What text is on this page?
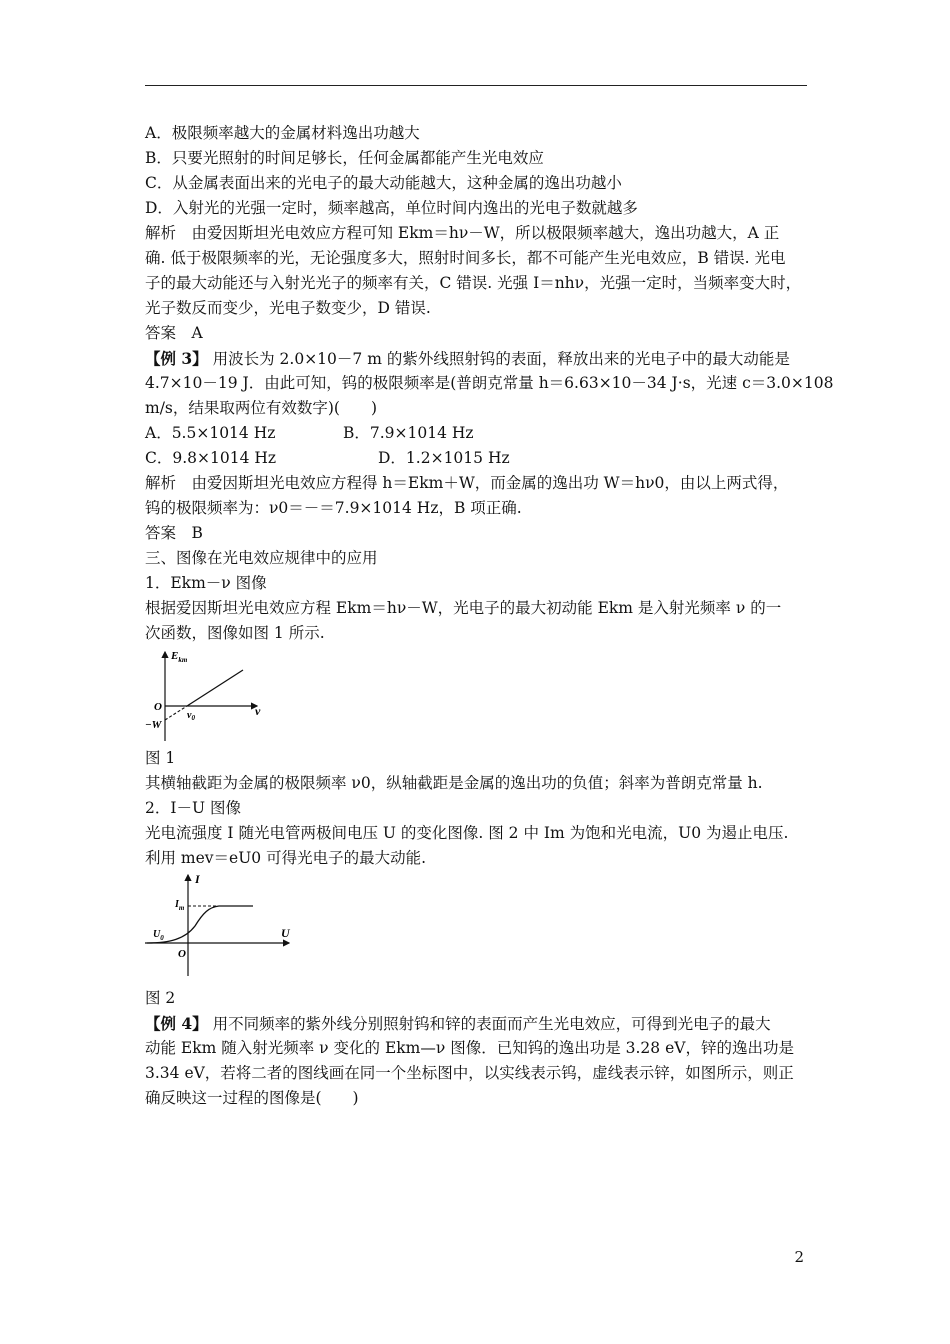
A．极限频率越大的金属材料逸出功越大
B．只要光照射的时间足够长，任何金属都能产生光电效应
C．从金属表面出来的光电子的最大动能越大，这种金属的逸出功越小
D．入射光的光强一定时，频率越高，单位时间内逸出的光电子数就越多
解析　由爱因斯坦光电效应方程可知 Ekm＝hν－W，所以极限频率越大，逸出功越大，A 正
确. 低于极限频率的光，无论强度多大，照射时间多长，都不可能产生光电效应，B 错误. 光电
子的最大动能还与入射光光子的频率有关，C 错误. 光强 I＝nhν，光强一定时，当频率变大时，
光子数反而变少，光电子数变少，D 错误.
答案　A
【例 3】 用波长为 2.0×10－7 m 的紫外线照射钨的表面，释放出来的光电子中的最大动能是
4.7×10－19 J．由此可知，钨的极限频率是(普朗克常量 h＝6.63×10－34 J·s，光速 c＝3.0×108
m/s，结果取两位有效数字)(　　)
A．5.5×1014 Hz	B．7.9×1014 Hz
C．9.8×1014 Hz	D．1.2×1015 Hz
解析　由爱因斯坦光电效应方程得 h＝Ekm＋W，而金属的逸出功 W＝hν0，由以上两式得，
钨的极限频率为：ν0＝－＝7.9×1014 Hz，B 项正确.
答案　B
三、图像在光电效应规律中的应用
1．Ekm－ν 图像
根据爱因斯坦光电效应方程 Ekm＝hν－W，光电子的最大初动能 Ekm 是入射光频率 ν 的一
次函数，图像如图 1 所示.
$E_{km}$
ν
O
$\nu_0$
−W
图 1
其横轴截距为金属的极限频率 ν0，纵轴截距是金属的逸出功的负值；斜率为普朗克常量 h.
2．I－U 图像
光电流强度 I 随光电管两极间电压 U 的变化图像. 图 2 中 Im 为饱和光电流，U0 为遏止电压.
利用 mev＝eU0 可得光电子的最大动能.
I
U
O
$I_m$
$U_0$
图 2
【例 4】 用不同频率的紫外线分别照射钨和锌的表面而产生光电效应，可得到光电子的最大
动能 Ekm 随入射光频率 ν 变化的 Ekm—ν 图像．已知钨的逸出功是 3.28 eV，锌的逸出功是
3.34 eV，若将二者的图线画在同一个坐标图中，以实线表示钨，虚线表示锌，如图所示，则正
确反映这一过程的图像是(　　)
2
